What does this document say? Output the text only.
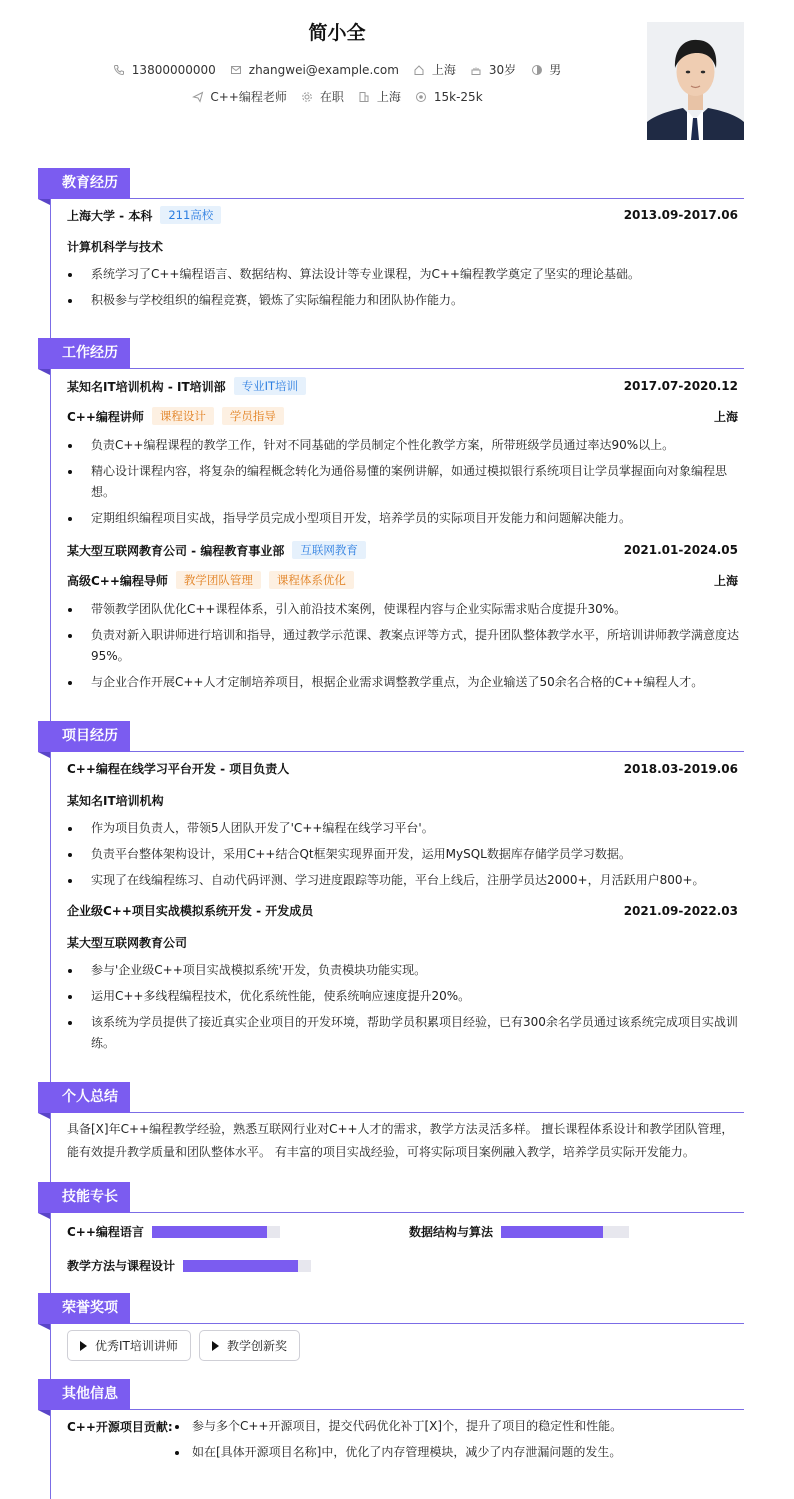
简小全
13800000000	zhangwei@example.com	上海	30岁	男
C++编程老师	在职	上海	15k-25k
教育经历
上海大学 - 本科	211高校	2013.09-2017.06
计算机科学与技术
系统学习了C++编程语言、数据结构、算法设计等专业课程，为C++编程教学奠定了坚实的理论基础。
积极参与学校组织的编程竞赛，锻炼了实际编程能力和团队协作能力。
工作经历
某知名IT培训机构 - IT培训部	专业IT培训	2017.07-2020.12
C++编程讲师	课程设计	学员指导	上海
负责C++编程课程的教学工作，针对不同基础的学员制定个性化教学方案，所带班级学员通过率达90%以上。
精心设计课程内容，将复杂的编程概念转化为通俗易懂的案例讲解，如通过模拟银行系统项目让学员掌握面向对象编程思想。
定期组织编程项目实战，指导学员完成小型项目开发，培养学员的实际项目开发能力和问题解决能力。
某大型互联网教育公司 - 编程教育事业部	互联网教育	2021.01-2024.05
高级C++编程导师	教学团队管理	课程体系优化	上海
带领教学团队优化C++课程体系，引入前沿技术案例，使课程内容与企业实际需求贴合度提升30%。
负责对新入职讲师进行培训和指导，通过教学示范课、教案点评等方式，提升团队整体教学水平，所培训讲师教学满意度达95%。
与企业合作开展C++人才定制培养项目，根据企业需求调整教学重点，为企业输送了50余名合格的C++编程人才。
项目经历
C++编程在线学习平台开发 - 项目负责人	2018.03-2019.06
某知名IT培训机构
作为项目负责人，带领5人团队开发了'C++编程在线学习平台'。
负责平台整体架构设计，采用C++结合Qt框架实现界面开发，运用MySQL数据库存储学员学习数据。
实现了在线编程练习、自动代码评测、学习进度跟踪等功能，平台上线后，注册学员达2000+，月活跃用户800+。
企业级C++项目实战模拟系统开发 - 开发成员	2021.09-2022.03
某大型互联网教育公司
参与'企业级C++项目实战模拟系统'开发，负责模块功能实现。
运用C++多线程编程技术，优化系统性能，使系统响应速度提升20%。
该系统为学员提供了接近真实企业项目的开发环境，帮助学员积累项目经验，已有300余名学员通过该系统完成项目实战训练。
个人总结
具备[X]年C++编程教学经验，熟悉互联网行业对C++人才的需求，教学方法灵活多样。 擅长课程体系设计和教学团队管理，能有效提升教学质量和团队整体水平。 有丰富的项目实战经验，可将实际项目案例融入教学，培养学员实际开发能力。
技能专长
C++编程语言	数据结构与算法
教学方法与课程设计
荣誉奖项
优秀IT培训讲师	教学创新奖
其他信息
C++开源项目贡献:	参与多个C++开源项目，提交代码优化补丁[X]个，提升了项目的稳定性和性能。
如在[具体开源项目名称]中，优化了内存管理模块，减少了内存泄漏问题的发生。
